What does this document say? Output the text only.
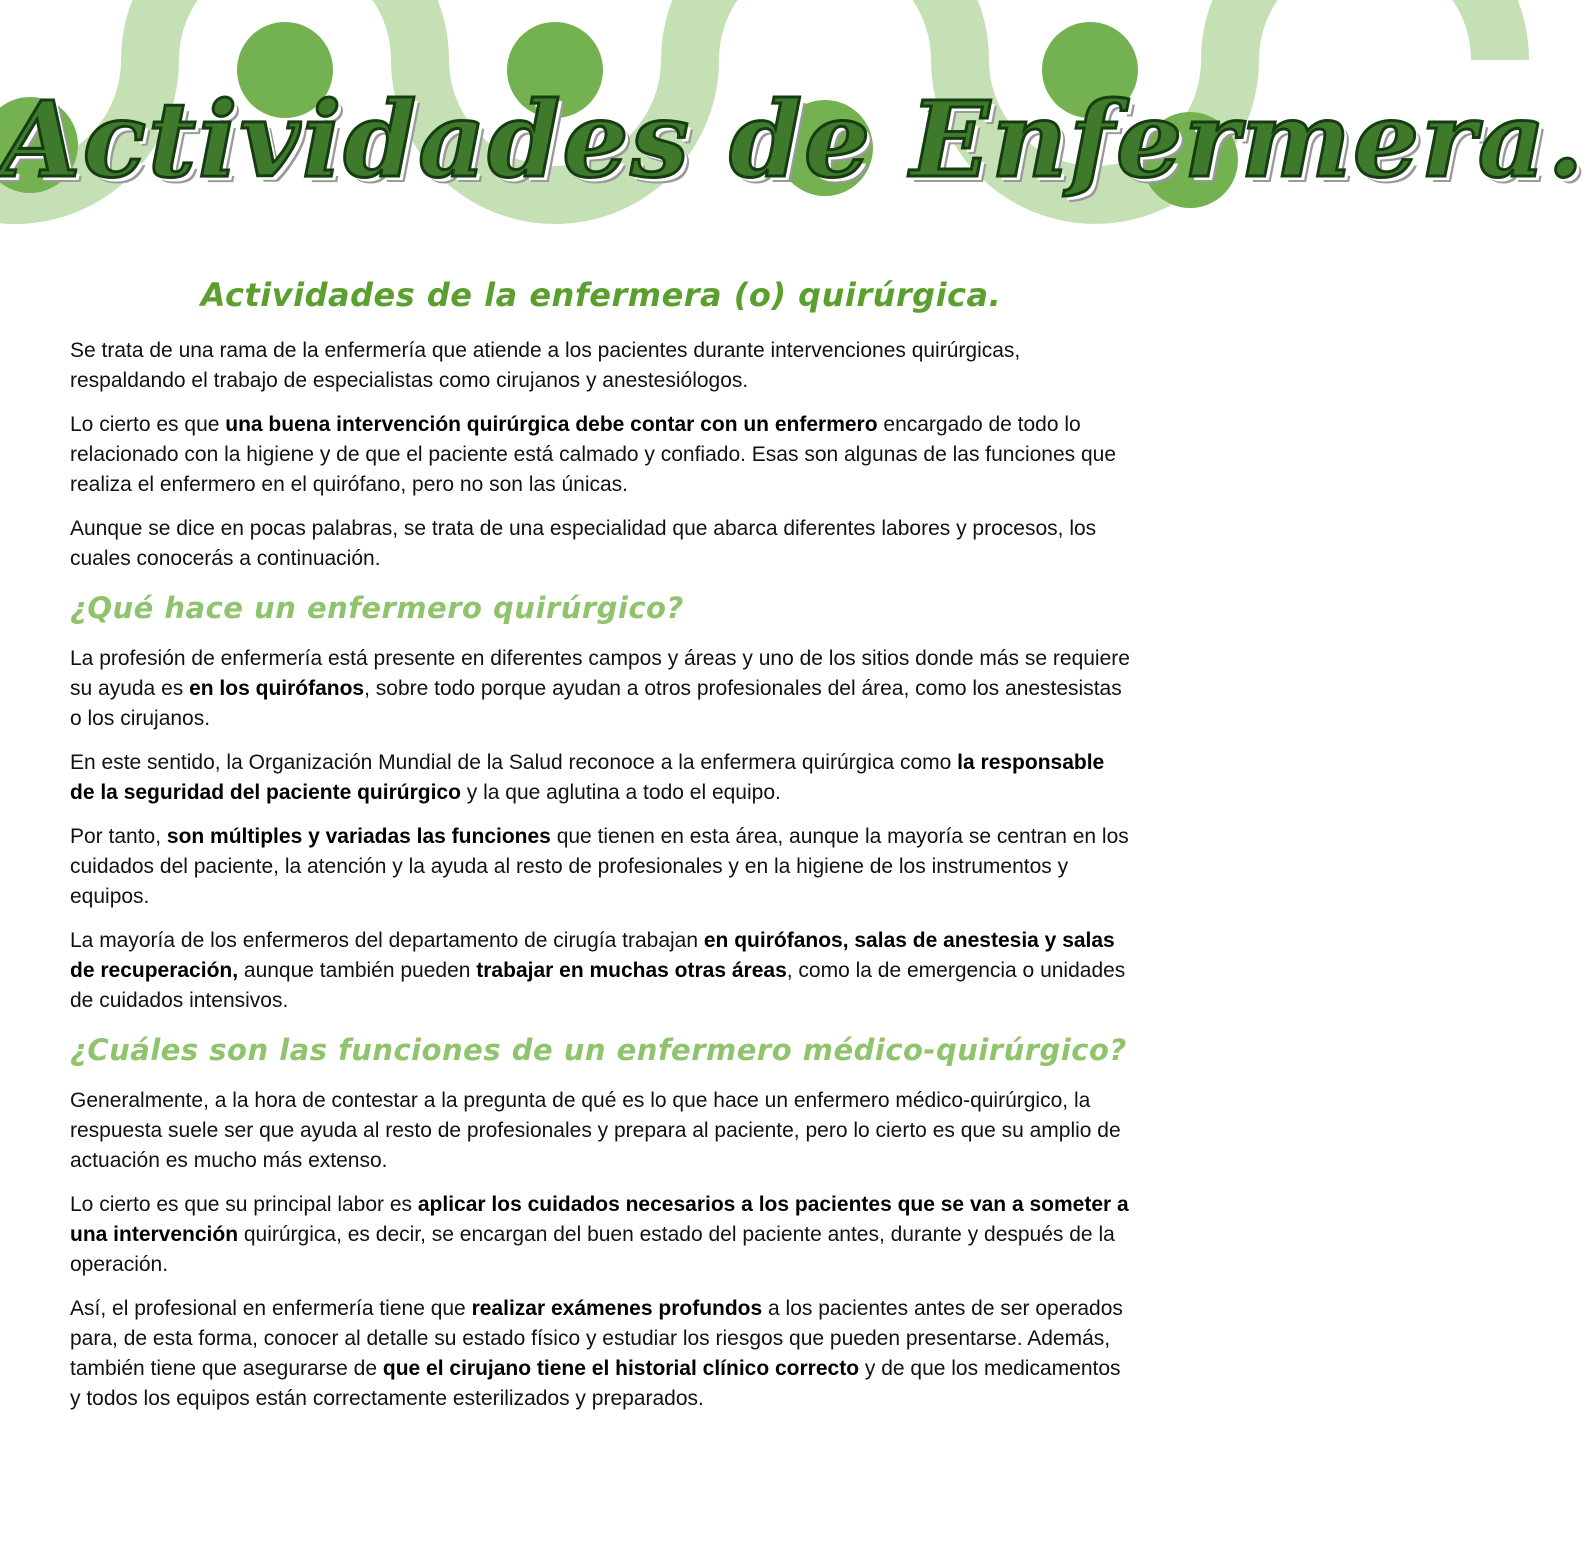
Actividades de Enfermera.
Actividades de la enfermera (o) quirúrgica.

Se trata de una rama de la enfermería que atiende a los pacientes durante intervenciones quirúrgicas, respaldando el trabajo de especialistas como cirujanos y anestesiólogos.

Lo cierto es que una buena intervención quirúrgica debe contar con un enfermero encargado de todo lo relacionado con la higiene y de que el paciente está calmado y confiado. Esas son algunas de las funciones que realiza el enfermero en el quirófano, pero no son las únicas.

Aunque se dice en pocas palabras, se trata de una especialidad que abarca diferentes labores y procesos, los cuales conocerás a continuación.

¿Qué hace un enfermero quirúrgico?

La profesión de enfermería está presente en diferentes campos y áreas y uno de los sitios donde más se requiere su ayuda es en los quirófanos, sobre todo porque ayudan a otros profesionales del área, como los anestesistas o los cirujanos.

En este sentido, la Organización Mundial de la Salud reconoce a la enfermera quirúrgica como la responsable de la seguridad del paciente quirúrgico y la que aglutina a todo el equipo.

Por tanto, son múltiples y variadas las funciones que tienen en esta área, aunque la mayoría se centran en los cuidados del paciente, la atención y la ayuda al resto de profesionales y en la higiene de los instrumentos y equipos.

La mayoría de los enfermeros del departamento de cirugía trabajan en quirófanos, salas de anestesia y salas de recuperación, aunque también pueden trabajar en muchas otras áreas, como la de emergencia o unidades de cuidados intensivos.

¿Cuáles son las funciones de un enfermero médico-quirúrgico?

Generalmente, a la hora de contestar a la pregunta de qué es lo que hace un enfermero médico-quirúrgico, la respuesta suele ser que ayuda al resto de profesionales y prepara al paciente, pero lo cierto es que su amplio de actuación es mucho más extenso.

Lo cierto es que su principal labor es aplicar los cuidados necesarios a los pacientes que se van a someter a una intervención quirúrgica, es decir, se encargan del buen estado del paciente antes, durante y después de la operación.

Así, el profesional en enfermería tiene que realizar exámenes profundos a los pacientes antes de ser operados para, de esta forma, conocer al detalle su estado físico y estudiar los riesgos que pueden presentarse. Además, también tiene que asegurarse de que el cirujano tiene el historial clínico correcto y de que los medicamentos y todos los equipos están correctamente esterilizados y preparados.
